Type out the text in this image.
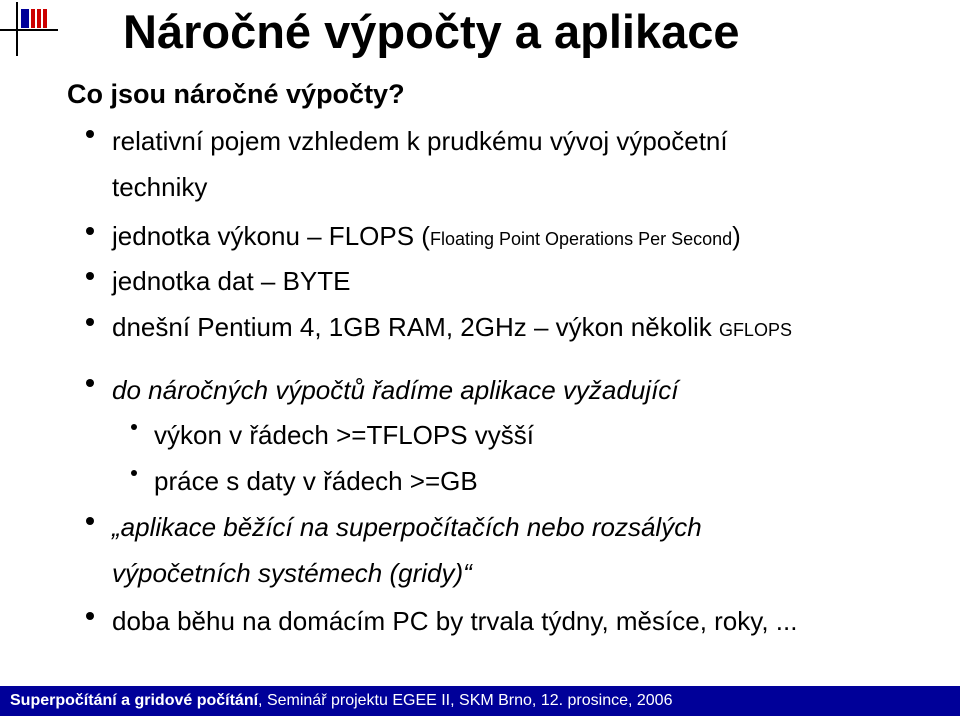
Náročné výpočty a aplikace
Co jsou náročné výpočty?
relativní pojem vzhledem k prudkému vývoj výpočetní
techniky
jednotka výkonu – FLOPS (Floating Point Operations Per Second)
jednotka dat – BYTE
dnešní Pentium 4, 1GB RAM, 2GHz – výkon několik GFLOPS
do náročných výpočtů řadíme aplikace vyžadující
výkon v řádech >=TFLOPS vyšší
práce s daty v řádech >=GB
„aplikace běžící na superpočítačích nebo rozsálých
výpočetních systémech (gridy)“
doba běhu na domácím PC by trvala týdny, měsíce, roky, ...
Superpočítání a gridové počítání, Seminář projektu EGEE II, SKM Brno, 12. prosince, 2006
